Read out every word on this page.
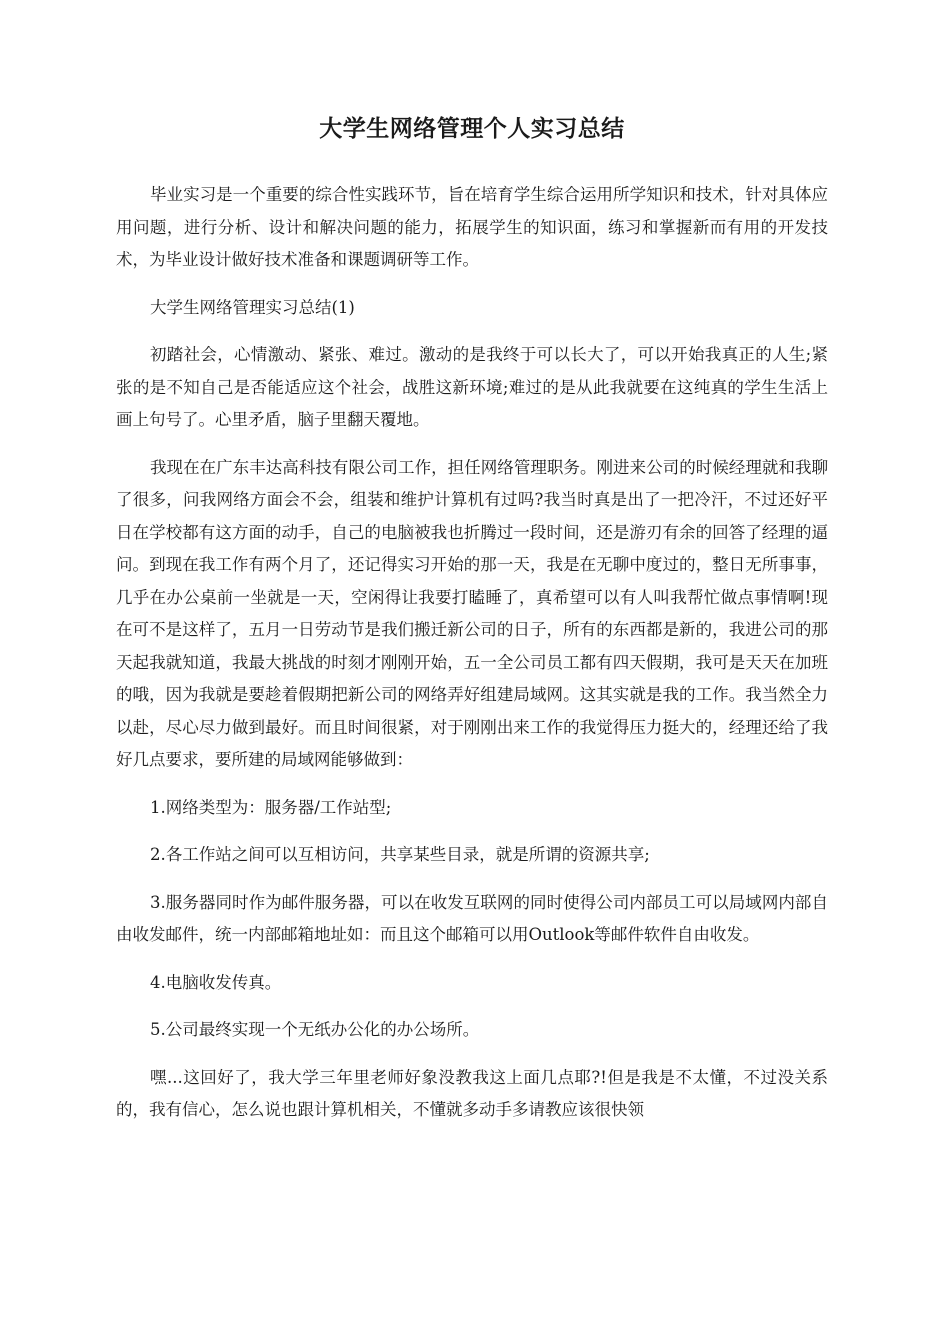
大学生网络管理个人实习总结

毕业实习是一个重要的综合性实践环节，旨在培育学生综合运用所学知识和技术，针对具体应用问题，进行分析、设计和解决问题的能力，拓展学生的知识面，练习和掌握新而有用的开发技术，为毕业设计做好技术准备和课题调研等工作。

大学生网络管理实习总结(1)

初踏社会，心情激动、紧张、难过。激动的是我终于可以长大了，可以开始我真正的人生;紧张的是不知自己是否能适应这个社会，战胜这新环境;难过的是从此我就要在这纯真的学生生活上画上句号了。心里矛盾，脑子里翻天覆地。

我现在在广东丰达高科技有限公司工作，担任网络管理职务。刚进来公司的时候经理就和我聊了很多，问我网络方面会不会，组装和维护计算机有过吗?我当时真是出了一把冷汗，不过还好平日在学校都有这方面的动手，自己的电脑被我也折腾过一段时间，还是游刃有余的回答了经理的逼问。到现在我工作有两个月了，还记得实习开始的那一天，我是在无聊中度过的，整日无所事事，几乎在办公桌前一坐就是一天，空闲得让我要打瞌睡了，真希望可以有人叫我帮忙做点事情啊!现在可不是这样了，五月一日劳动节是我们搬迁新公司的日子，所有的东西都是新的，我进公司的那天起我就知道，我最大挑战的时刻才刚刚开始，五一全公司员工都有四天假期，我可是天天在加班的哦，因为我就是要趁着假期把新公司的网络弄好组建局域网。这其实就是我的工作。我当然全力以赴，尽心尽力做到最好。而且时间很紧，对于刚刚出来工作的我觉得压力挺大的，经理还给了我好几点要求，要所建的局域网能够做到：

1.网络类型为：服务器/工作站型;

2.各工作站之间可以互相访问，共享某些目录，就是所谓的资源共享;

3.服务器同时作为邮件服务器，可以在收发互联网的同时使得公司内部员工可以局域网内部自由收发邮件，统一内部邮箱地址如：而且这个邮箱可以用Outlook等邮件软件自由收发。

4.电脑收发传真。

5.公司最终实现一个无纸办公化的办公场所。

嘿...这回好了，我大学三年里老师好象没教我这上面几点耶?!但是我是不太懂，不过没关系的，我有信心，怎么说也跟计算机相关，不懂就多动手多请教应该很快领
